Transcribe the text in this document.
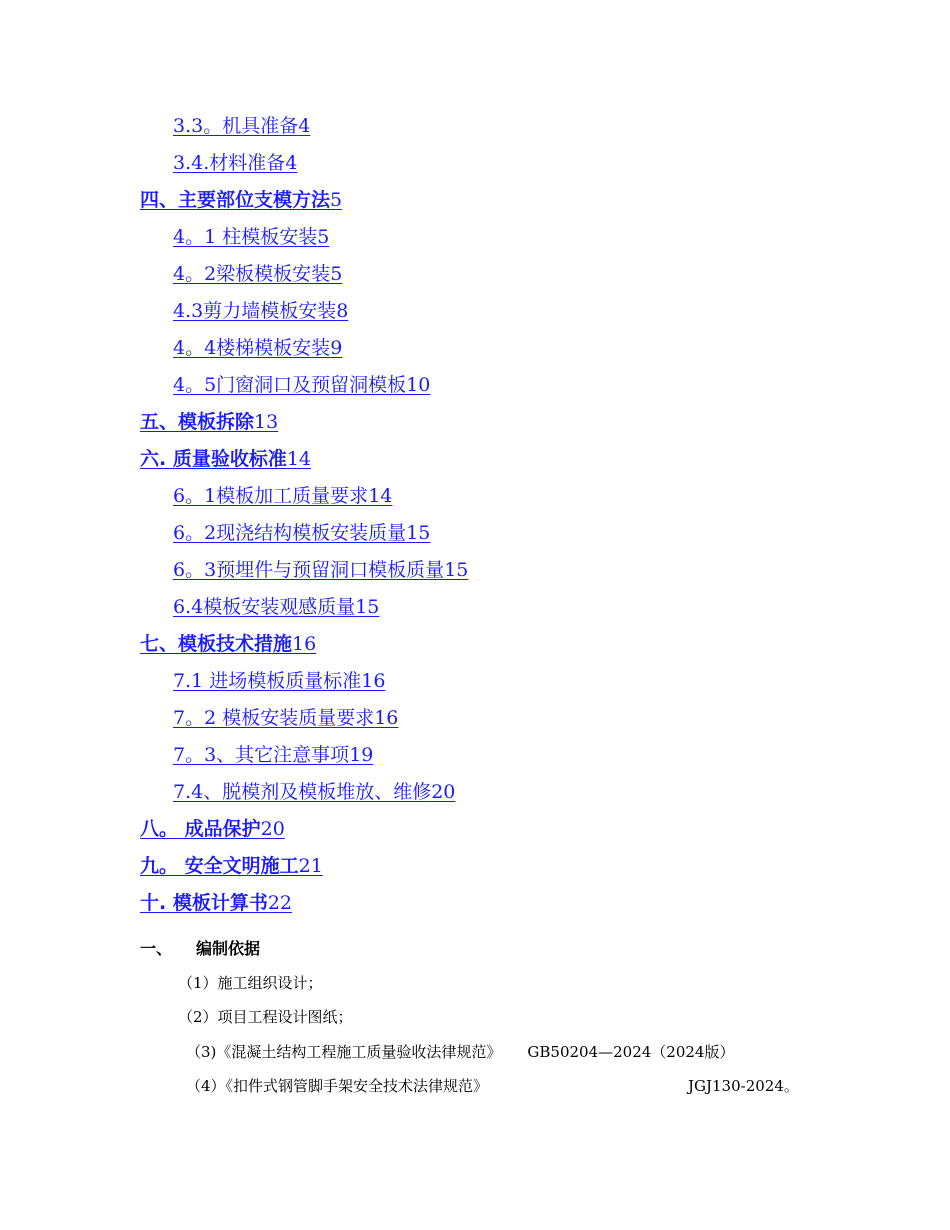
3.3。机具准备4
3.4.材料准备4
四、主要部位支模方法5
4。1 柱模板安装5
4。2梁板模板安装5
4.3剪力墙模板安装8
4。4楼梯模板安装9
4。5门窗洞口及预留洞模板10
五、模板拆除13
六. 质量验收标准14
6。1模板加工质量要求14
6。2现浇结构模板安装质量15
6。3预埋件与预留洞口模板质量15
6.4模板安装观感质量15
七、模板技术措施16
7.1 进场模板质量标准16
7。2 模板安装质量要求16
7。3、其它注意事项19
7.4、脱模剂及模板堆放、维修20
八。 成品保护20
九。 安全文明施工21
十. 模板计算书22
一、 编制依据
（1）施工组织设计；
（2）项目工程设计图纸；
（3)《混凝土结构工程施工质量验收法律规范》 GB50204—2024（2024版）
（4）《扣件式钢管脚手架安全技术法律规范》	JGJ130-2024。
